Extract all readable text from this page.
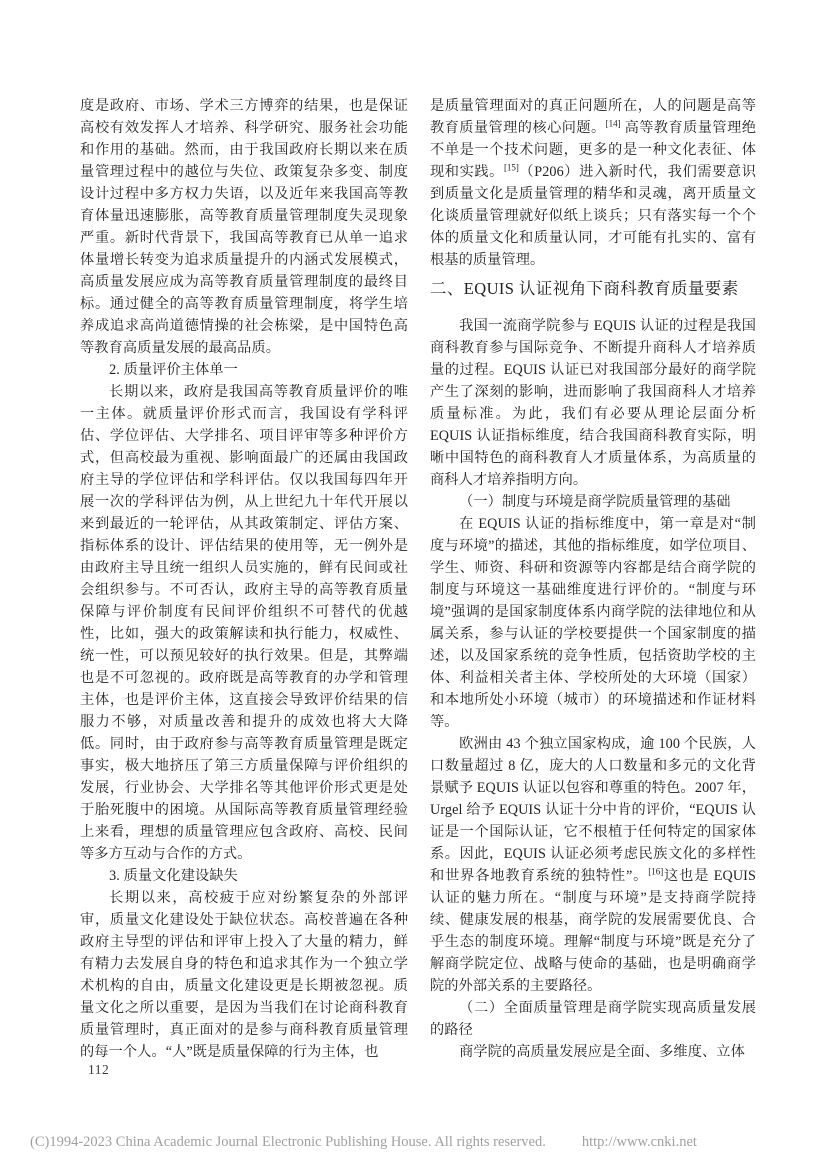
度是政府、市场、学术三方博弈的结果，也是保证高校有效发挥人才培养、科学研究、服务社会功能和作用的基础。然而，由于我国政府长期以来在质量管理过程中的越位与失位、政策复杂多变、制度设计过程中多方权力失语，以及近年来我国高等教育体量迅速膨胀，高等教育质量管理制度失灵现象严重。新时代背景下，我国高等教育已从单一追求体量增长转变为追求质量提升的内涵式发展模式，高质量发展应成为高等教育质量管理制度的最终目标。通过健全的高等教育质量管理制度，将学生培养成追求高尚道德情操的社会栋梁，是中国特色高等教育高质量发展的最高品质。
2. 质量评价主体单一
长期以来，政府是我国高等教育质量评价的唯一主体。就质量评价形式而言，我国设有学科评估、学位评估、大学排名、项目评审等多种评价方式，但高校最为重视、影响面最广的还属由我国政府主导的学位评估和学科评估。仅以我国每四年开展一次的学科评估为例，从上世纪九十年代开展以来到最近的一轮评估，从其政策制定、评估方案、指标体系的设计、评估结果的使用等，无一例外是由政府主导且统一组织人员实施的，鲜有民间或社会组织参与。不可否认，政府主导的高等教育质量保障与评价制度有民间评价组织不可替代的优越性，比如，强大的政策解读和执行能力，权威性、统一性，可以预见较好的执行效果。但是，其弊端也是不可忽视的。政府既是高等教育的办学和管理主体，也是评价主体，这直接会导致评价结果的信服力不够，对质量改善和提升的成效也将大大降低。同时，由于政府参与高等教育质量管理是既定事实，极大地挤压了第三方质量保障与评价组织的发展，行业协会、大学排名等其他评价形式更是处于胎死腹中的困境。从国际高等教育质量管理经验上来看，理想的质量管理应包含政府、高校、民间等多方互动与合作的方式。
3. 质量文化建设缺失
长期以来，高校疲于应对纷繁复杂的外部评审，质量文化建设处于缺位状态。高校普遍在各种政府主导型的评估和评审上投入了大量的精力，鲜有精力去发展自身的特色和追求其作为一个独立学术机构的自由，质量文化建设更是长期被忽视。质量文化之所以重要，是因为当我们在讨论商科教育质量管理时，真正面对的是参与商科教育质量管理的每一个人。“人”既是质量保障的行为主体，也
是质量管理面对的真正问题所在，人的问题是高等教育质量管理的核心问题。[14] 高等教育质量管理绝不单是一个技术问题，更多的是一种文化表征、体现和实践。[15]（P206）进入新时代，我们需要意识到质量文化是质量管理的精华和灵魂，离开质量文化谈质量管理就好似纸上谈兵；只有落实每一个个体的质量文化和质量认同，才可能有扎实的、富有根基的质量管理。
二、EQUIS 认证视角下商科教育质量要素
我国一流商学院参与 EQUIS 认证的过程是我国商科教育参与国际竞争、不断提升商科人才培养质量的过程。EQUIS 认证已对我国部分最好的商学院产生了深刻的影响，进而影响了我国商科人才培养质量标准。为此，我们有必要从理论层面分析 EQUIS 认证指标维度，结合我国商科教育实际，明晰中国特色的商科教育人才质量体系，为高质量的商科人才培养指明方向。
（一）制度与环境是商学院质量管理的基础
在 EQUIS 认证的指标维度中，第一章是对“制度与环境”的描述，其他的指标维度，如学位项目、学生、师资、科研和资源等内容都是结合商学院的制度与环境这一基础维度进行评价的。“制度与环境”强调的是国家制度体系内商学院的法律地位和从属关系，参与认证的学校要提供一个国家制度的描述，以及国家系统的竞争性质，包括资助学校的主体、利益相关者主体、学校所处的大环境（国家）和本地所处小环境（城市）的环境描述和作证材料等。
欧洲由 43 个独立国家构成，逾 100 个民族，人口数量超过 8 亿，庞大的人口数量和多元的文化背景赋予 EQUIS 认证以包容和尊重的特色。2007 年，Urgel 给予 EQUIS 认证十分中肯的评价，“EQUIS 认证是一个国际认证，它不根植于任何特定的国家体系。因此，EQUIS 认证必须考虑民族文化的多样性和世界各地教育系统的独特性”。[16]这也是 EQUIS 认证的魅力所在。“制度与环境”是支持商学院持续、健康发展的根基，商学院的发展需要优良、合乎生态的制度环境。理解“制度与环境”既是充分了解商学院定位、战略与使命的基础，也是明确商学院的外部关系的主要路径。
（二）全面质量管理是商学院实现高质量发展的路径
商学院的高质量发展应是全面、多维度、立体
112
(C)1994-2023 China Academic Journal Electronic Publishing House. All rights reserved. http://www.cnki.net
